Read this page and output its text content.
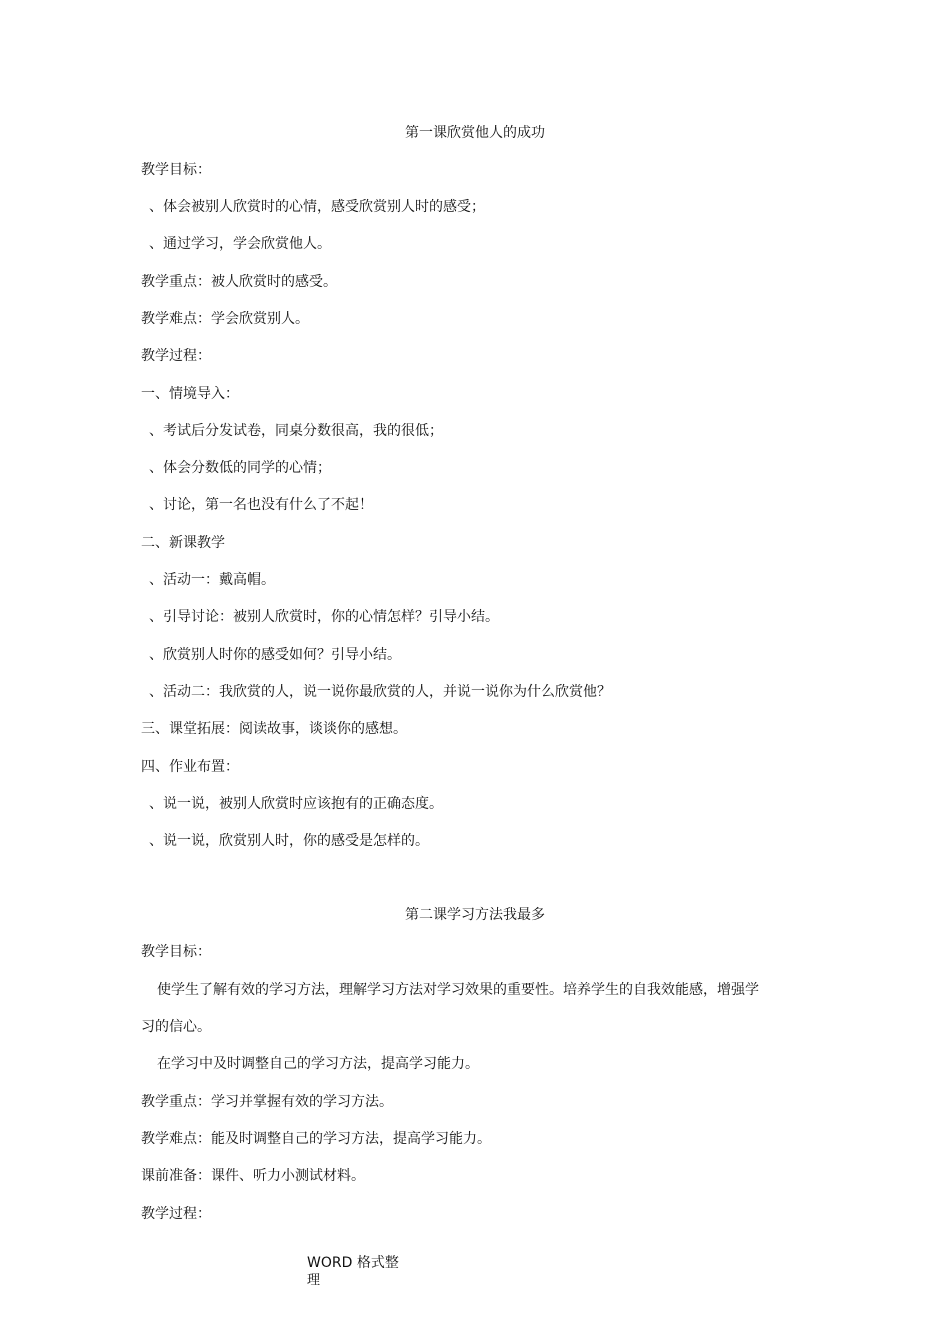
第一课欣赏他人的成功
教学目标：
、体会被别人欣赏时的心情，感受欣赏别人时的感受；
、通过学习，学会欣赏他人。
教学重点：被人欣赏时的感受。
教学难点：学会欣赏别人。
教学过程：
一、情境导入：
、考试后分发试卷，同桌分数很高，我的很低；
、体会分数低的同学的心情；
、讨论，第一名也没有什么了不起！
二、新课教学
、活动一：戴高帽。
、引导讨论：被别人欣赏时，你的心情怎样？引导小结。
、欣赏别人时你的感受如何？引导小结。
、活动二：我欣赏的人，说一说你最欣赏的人，并说一说你为什么欣赏他？
三、课堂拓展：阅读故事，谈谈你的感想。
四、作业布置：
、说一说，被别人欣赏时应该抱有的正确态度。
、说一说，欣赏别人时，你的感受是怎样的。
第二课学习方法我最多
教学目标：
使学生了解有效的学习方法，理解学习方法对学习效果的重要性。培养学生的自我效能感，增强学
习的信心。
在学习中及时调整自己的学习方法，提高学习能力。
教学重点：学习并掌握有效的学习方法。
教学难点：能及时调整自己的学习方法，提高学习能力。
课前准备：课件、听力小测试材料。
教学过程：
WORD 格式整
理
